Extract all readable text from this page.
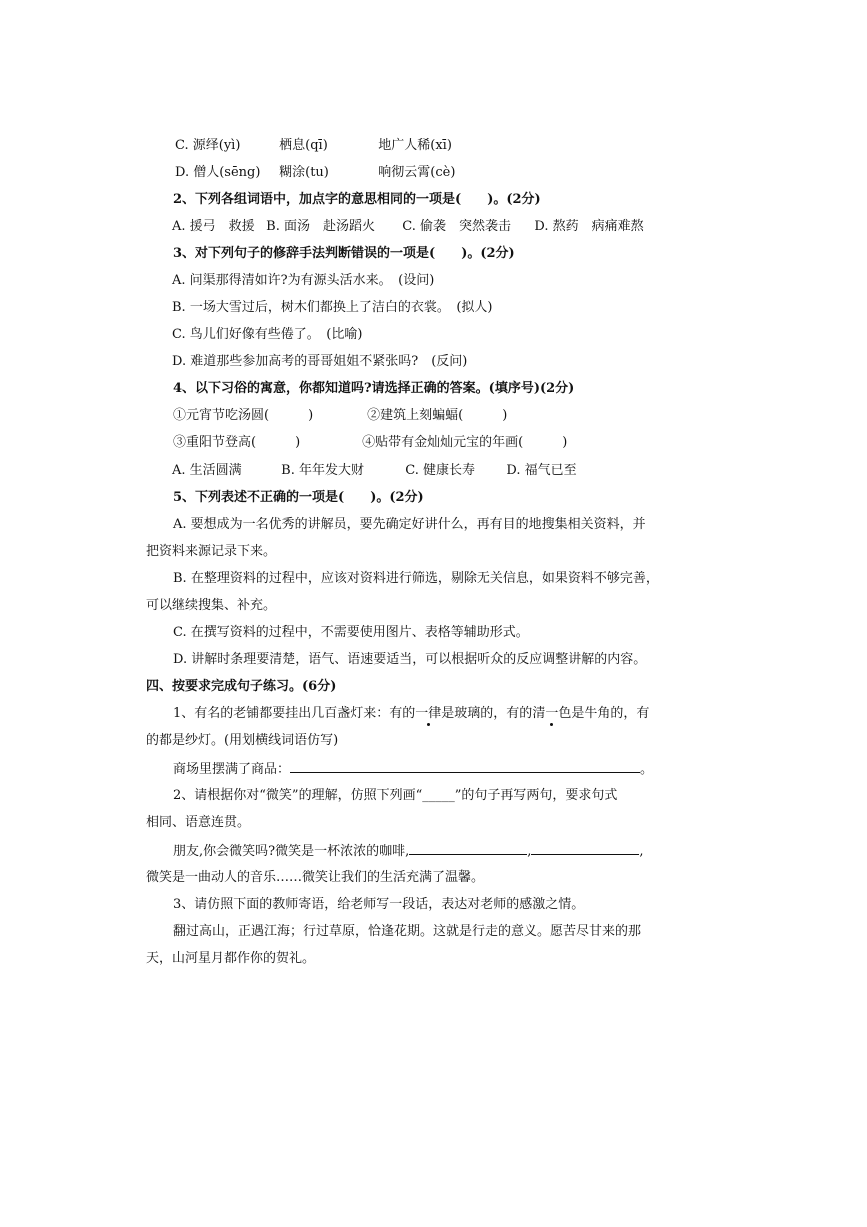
C. 源绎(yì)	栖息(qī)	地广人稀(xī)
D. 僧人(sēng) 糊涂(tu)	响彻云霄(cè)
2、下列各组词语中，加点字的意思相同的一项是(　　)。(2分)
A. 援弓　救援 B. 面汤　赴汤蹈火 C. 偷袭　突然袭击 D. 熬药　病痛难熬
3、对下列句子的修辞手法判断错误的一项是(　　)。(2分)
A. 问渠那得清如许?为有源头活水来。　(设问)
B. 一场大雪过后，树木们都换上了洁白的衣裳。　(拟人)
C. 鸟儿们好像有些倦了。　(比喻)
D. 难道那些参加高考的哥哥姐姐不紧张吗?　(反问)
4、以下习俗的寓意，你都知道吗?请选择正确的答案。(填序号)(2分)
①元宵节吃汤圆(　　　)	②建筑上刻蝙蝠(　　　)
③重阳节登高(　　　)	④贴带有金灿灿元宝的年画(　　　)
A. 生活圆满	B. 年年发大财	C. 健康长寿 D. 福气已至
5、下列表述不正确的一项是(　　)。(2分)
A. 要想成为一名优秀的讲解员，要先确定好讲什么，再有目的地搜集相关资料，并
把资料来源记录下来。
B. 在整理资料的过程中，应该对资料进行筛选，剔除无关信息，如果资料不够完善，
可以继续搜集、补充。
C. 在撰写资料的过程中，不需要使用图片、表格等辅助形式。
D. 讲解时条理要清楚，语气、语速要适当，可以根据听众的反应调整讲解的内容。
四、按要求完成句子练习。(6分)
1、有名的老铺都要挂出几百盏灯来：有的一律是玻璃的，有的清一色是牛角的，有
的都是纱灯。(用划横线词语仿写)
商场里摆满了商品：	。
2、请根据你对“微笑”的理解，仿照下列画“_____”的句子再写两句，要求句式
相同、语意连贯。
朋友,你会微笑吗?微笑是一杯浓浓的咖啡,	,	,
微笑是一曲动人的音乐……微笑让我们的生活充满了温馨。
3、请仿照下面的教师寄语，给老师写一段话，表达对老师的感激之情。
翻过高山，正遇江海；行过草原，恰逢花期。这就是行走的意义。愿苦尽甘来的那
天，山河星月都作你的贺礼。
